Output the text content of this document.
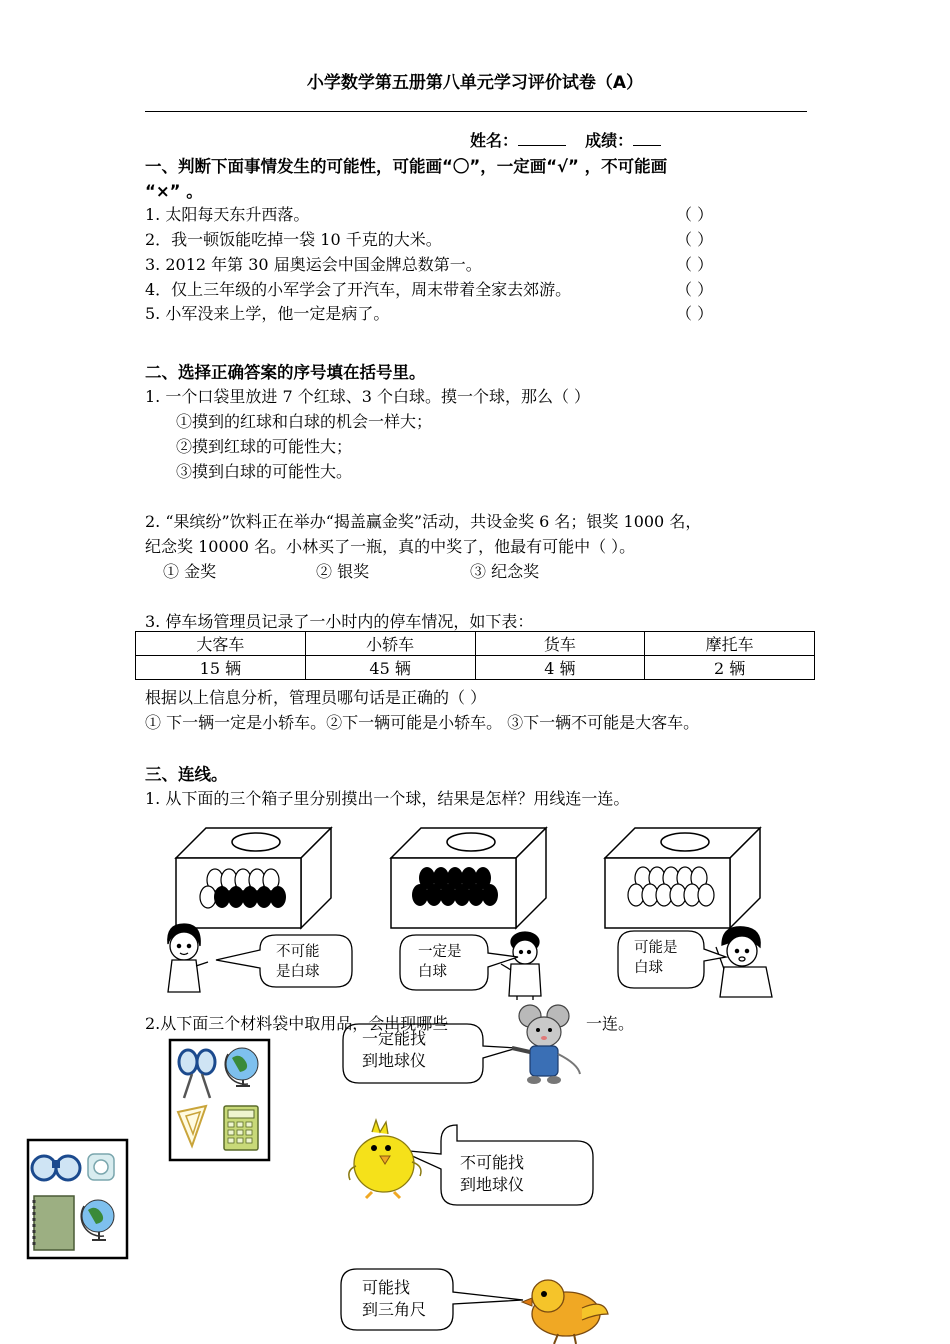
小学数学第五册第八单元学习评价试卷（A）
姓名：	成绩：
一、判断下面事情发生的可能性，可能画“〇”，一定画“√” ，不可能画
“×” 。
1. 太阳每天东升西落。	（ ）
2．我一顿饭能吃掉一袋 10 千克的大米。	（ ）
3. 2012 年第 30 届奥运会中国金牌总数第一。	（ ）
4．仅上三年级的小军学会了开汽车，周末带着全家去郊游。	（ ）
5. 小军没来上学，他一定是病了。	（ ）
二、选择正确答案的序号填在括号里。
1. 一个口袋里放进 7 个红球、3 个白球。摸一个球，那么（ ）
①摸到的红球和白球的机会一样大；
②摸到红球的可能性大；
③摸到白球的可能性大。
2. “果缤纷”饮料正在举办“揭盖赢金奖”活动，共设金奖 6 名；银奖 1000 名，
纪念奖 10000 名。小林买了一瓶，真的中奖了，他最有可能中（ ）。
① 金奖	② 银奖	③ 纪念奖
3. 停车场管理员记录了一小时内的停车情况，如下表：
大客车	小轿车	货车	摩托车
15 辆	45 辆	4 辆	2 辆
根据以上信息分析，管理员哪句话是正确的（ ）
① 下一辆一定是小轿车。②下一辆可能是小轿车。 ③下一辆不可能是大客车。
三、连线。
1. 从下面的三个箱子里分别摸出一个球，结果是怎样？用线连一连。
不可能
是白球
一定是
白球
可能是
白球
2.从下面三个材料袋中取用品，会出现哪些	一连。
一定能找
到地球仪
不可能找
到地球仪
可能找
到三角尺
